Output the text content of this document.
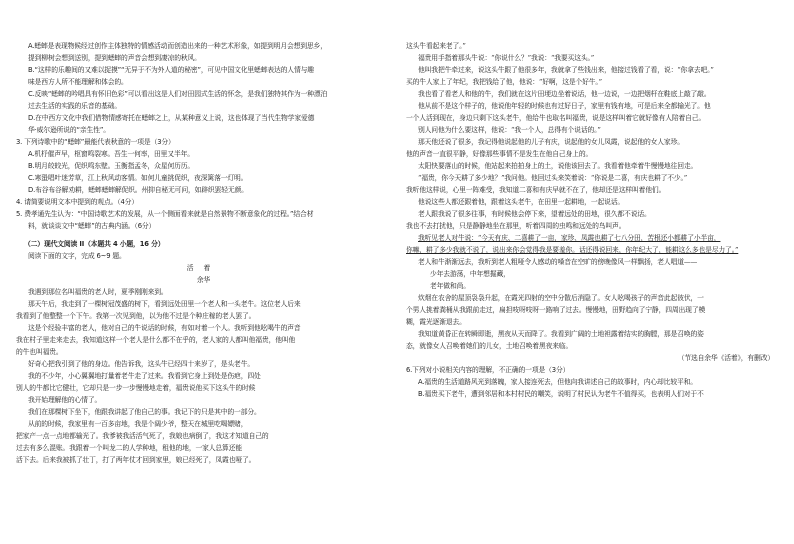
A.蟋蟀是表现物候经过创作主体独特的情感活动而创造出来的一种艺术形象，如提到明月会想到思乡，
提到柳树会想到送别，提到蟋蟀的声音会想到凄凉的秋风。
B.“这样的乐趣间的又难以捉摸”“无异于不为外人道的秘密”，可见中国文化里蟋蟀表达的人情与趣
味是西方人所不能理解和体会的。
C.反映“蟋蟀的吟唱具有怀旧色彩”可以看出这是人们对田园式生活的怀念，是我们独特其作为一种漂泊
过去生活的实践的乐音的基础。
D.在中西方文化中我们借物情感寄托在蟋蟀之上，从某种意义上说，这也体现了当代生物学家爱德
华·威尔逊所说的“亲生性”。
3. 下列诗歌中的“蟋蟀”最能代表秋意的一项是（3分）
A.机杼催声早，枢窗鸣裂寒。吾生一何率，田里又半年。
B.明月皎皎光，促织鸣东壁。玉衡指孟冬，众星何历历。
C.寒蛩唱叶迷芳草，江上秋风动客情。如何儿童挑促织，夜深篱落一灯明。
D.布谷布谷解劝耕，蟋蟀蟋蟀解促织。州抑自秘无可问，如辟织罢轻无颜。
4. 请简要说明文本中提到的观点。（4分）
5. 费孝通先生认为：“中国诗歌艺术的发展，从一个侧面看来就是自然景物不断意象化的过程。”结合材
料，就谈谈文中“蟋蟀”的古典内涵。（6分）
（二）现代文阅读 II（本题共 4 小题，16 分）
阅读下面的文字，完成 6~9 题。
活着
余华
我遇到那位名叫福贵的老人时，夏季刚刚来到。
那天午后，我走到了一棵树冠茂盛的树下，看到远处田里一个老人和一头老牛。这位老人后来
我看到了他整整一个下午。我第一次见到他，以为他不过是个种庄稼的老人罢了。
这是个经验丰富的老人，他对自己的牛说话的时候，有如对着一个人。我听到他吆喝牛的声音
我在村子里走来走去，我知道这样一个老人是什么都不在乎的，老人家的人都叫他福贵，他叫他
的牛也叫福贵。
好奇心把我引到了他的身边。他告诉我，这头牛已经四十来岁了，是头老牛。
我的不少年，小心翼翼地打量着老牛走了过来。我看到它身上到处是伤疤，四处
别人的牛都比它健壮，它却只是一步一步慢慢地走着，福贵说他买下这头牛的时候
我开始理解他的心情了。
我们在那棵树下坐下，他跟我讲起了他自己的事。我记下的只是其中的一部分。
从前的时候，我家里有一百多亩地，我是个阔少爷，整天在城里吃喝嫖赌，
把家产一点一点地都输光了。我爹被我活活气死了，我娘也病倒了，我这才知道自己的
过去有多么混账。我跟着一个叫龙二的人学种地，租他的地，一家人总算还能
活下去。后来我被抓了壮丁，打了两年仗才回到家里，娘已经死了，凤霞也哑了。
这头牛看起来老了。”
福贵用手指着那头牛说：“你说什么？”我说：“我要买这头。”
他叫我把牛牵过来，说这头牛跟了他很多年，我就拿了些钱出来，他接过钱看了看，说：“你拿去吧。”
买的牛人家上了年纪，我把钱给了他，他说：“好啊，这是个好牛。”
我也看了看老人和他的牛，我们就在这片田埂边坐着说话，他一边说，一边把烟杆在鞋底上敲了敲。
他从前不是这个样子的，他说他年轻的时候也有过好日子，家里有钱有地，可是后来全都输光了。他
一个人活到现在，身边只剩下这头老牛，他给牛也取名叫福贵，说是这样叫着它就好像有人陪着自己。
别人问他为什么要这样，他说：“我一个人，总得有个说话的。”
那天他还说了很多，我记得他说起他的儿子有庆，说起他的女儿凤霞，说起他的女人家珍。
他的声音一直很平静，好像那些事情不是发生在他自己身上的。
太阳快要落山的时候，他站起来拍拍身上的土，说他该回去了。我看着他牵着牛慢慢地往回走。
“福贵，你今天耕了多少地？”我问他。他回过头来笑着说：“你说是二喜，有庆也耕了不少。”
我听他这样说，心里一阵难受，我知道二喜和有庆早就不在了，他却还是这样叫着他们。
他说这些人都还跟着他，跟着这头老牛，在田里一起耕地，一起说话。
老人跟我说了很多往事，有时候他会停下来，望着远处的田地，很久都不说话。
我也不去打扰他，只是静静地坐在那里，听着四周的虫鸣和远处的鸟叫声。
我听见老人对牛说：“今天有庆、二喜耕了一亩，家珍、凤霞也耕了七八分田，苦根还小都耕了小半亩，
你嘛，耕了多少我就不说了，说出来你会觉得我是要羞你。话还得说回来，你年纪大了，能耕这么多也是尽力了。”
老人和牛渐渐远去，我听到老人粗哑令人感动的嗓音在空旷的傍晚像风一样飘扬，老人唱道——
少年去游荡，中年想掘藏，
老年做和尚。
炊烟在农舍的屋顶袅袅升起，在霞光四射的空中分散后消隐了。女人吆喝孩子的声音此起彼伏，一
个男人挑着粪桶从我跟前走过，扁担吱呀吱呀一路响了过去。慢慢地，田野趋向了宁静，四周出现了模
糊，霞光逐渐退去。
我知道黄昏正在转瞬即逝，黑夜从天而降了。我看到广阔的土地袒露着结实的胸膛，那是召唤的姿
态，就像女人召唤着她们的儿女，土地召唤着黑夜来临。
（节选自余华《活着》，有删改）
6.下列对小说相关内容的理解，不正确的一项是（3分）
A.福贵的生活道路风光到落魄，家人接连死去，但他向我讲述自己的故事时，内心却比较平和。
B.福贵买下老牛，遭到邻居和本村村民的嘲笑，说明了村民认为老牛不值得买，也表明人们对于不
